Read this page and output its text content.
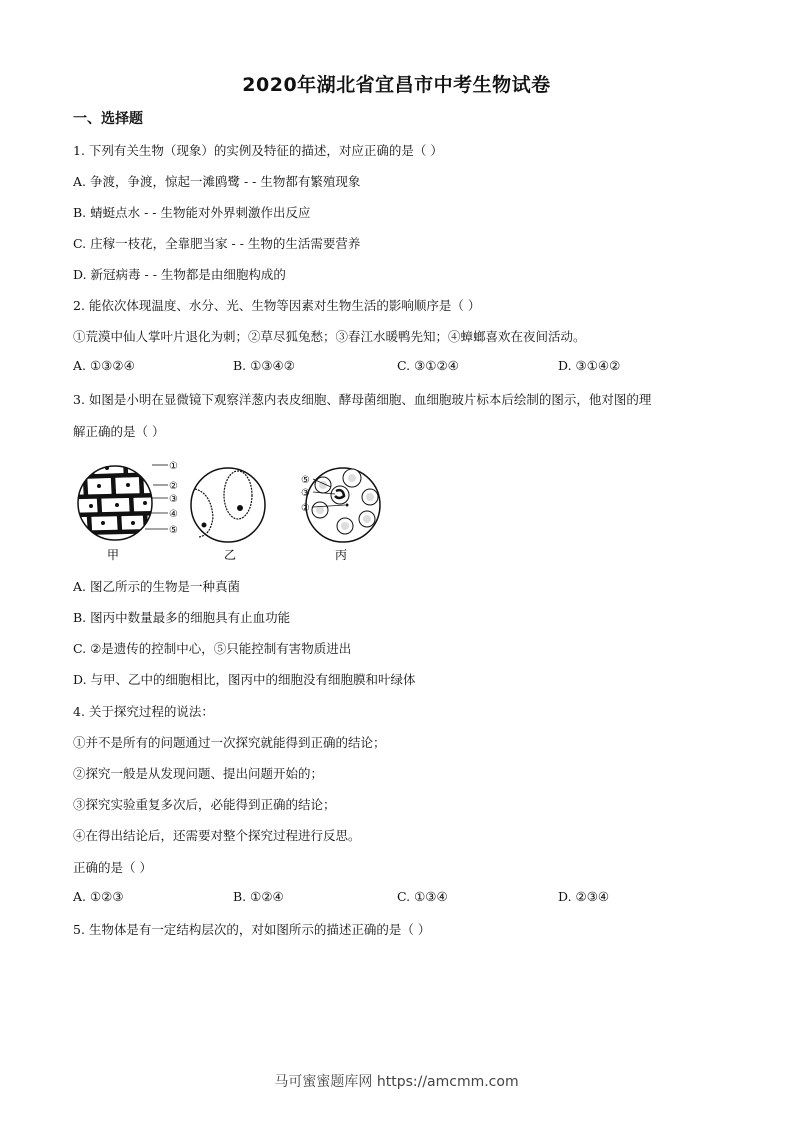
2020年湖北省宜昌市中考生物试卷
一、选择题
1. 下列有关生物（现象）的实例及特征的描述，对应正确的是（ ）
A. 争渡，争渡，惊起一滩鸥鹭 - - 生物都有繁殖现象
B. 蜻蜓点水 - - 生物能对外界刺激作出反应
C. 庄稼一枝花，全靠肥当家 - - 生物的生活需要营养
D. 新冠病毒 - - 生物都是由细胞构成的
2. 能依次体现温度、水分、光、生物等因素对生物生活的影响顺序是（ ）
①荒漠中仙人掌叶片退化为刺；②草尽狐兔愁；③春江水暖鸭先知；④蟑螂喜欢在夜间活动。
A. ①③②④	B. ①③④②	C. ③①②④	D. ③①④②
3. 如图是小明在显微镜下观察洋葱内表皮细胞、酵母菌细胞、血细胞玻片标本后绘制的图示，他对图的理
解正确的是（ ）
①
②
③
④
⑤
⑤
③
②
甲	乙	丙
A. 图乙所示的生物是一种真菌
B. 图丙中数量最多的细胞具有止血功能
C. ②是遗传的控制中心，⑤只能控制有害物质进出
D. 与甲、乙中的细胞相比，图丙中的细胞没有细胞膜和叶绿体
4. 关于探究过程的说法：
①并不是所有的问题通过一次探究就能得到正确的结论；
②探究一般是从发现问题、提出问题开始的；
③探究实验重复多次后，必能得到正确的结论；
④在得出结论后，还需要对整个探究过程进行反思。
正确的是（ ）
A. ①②③	B. ①②④	C. ①③④	D. ②③④
5. 生物体是有一定结构层次的，对如图所示的描述正确的是（ ）
马可蜜蜜题库网 https://amcmm.com
